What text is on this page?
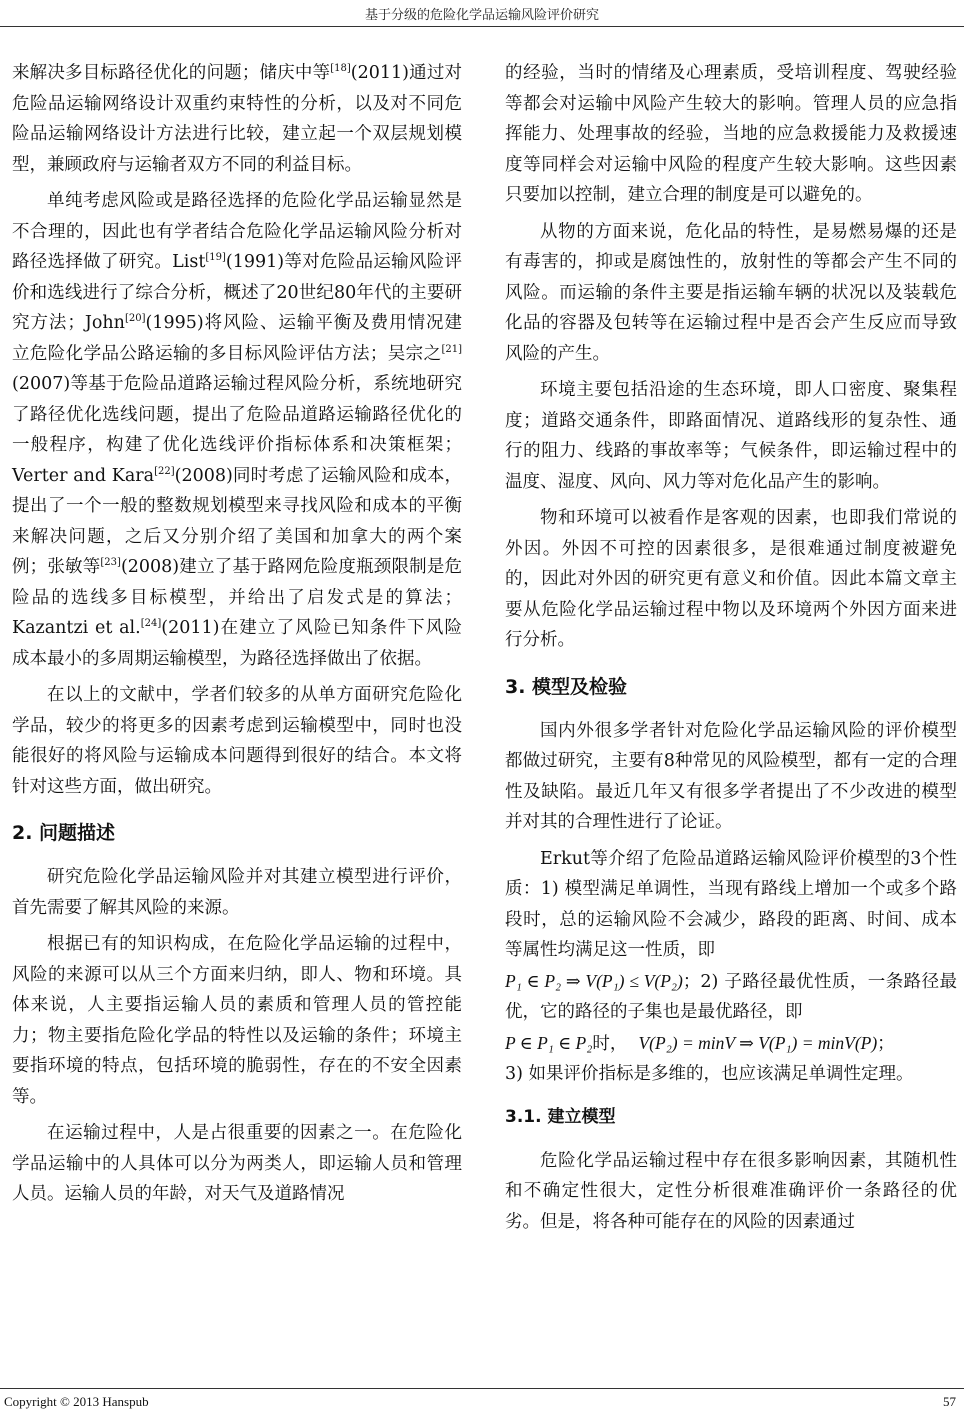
基于分级的危险化学品运输风险评价研究

来解决多目标路径优化的问题；储庆中等[18](2011)通过对危险品运输网络设计双重约束特性的分析，以及对不同危险品运输网络设计方法进行比较，建立起一个双层规划模型，兼顾政府与运输者双方不同的利益目标。

单纯考虑风险或是路径选择的危险化学品运输显然是不合理的，因此也有学者结合危险化学品运输风险分析对路径选择做了研究。List[19](1991)等对危险品运输风险评价和选线进行了综合分析，概述了20世纪80年代的主要研究方法；John[20](1995)将风险、运输平衡及费用情况建立危险化学品公路运输的多目标风险评估方法；吴宗之[21](2007)等基于危险品道路运输过程风险分析，系统地研究了路径优化选线问题，提出了危险品道路运输路径优化的一般程序，构建了优化选线评价指标体系和决策框架；Verter and Kara[22](2008)同时考虑了运输风险和成本，提出了一个一般的整数规划模型来寻找风险和成本的平衡来解决问题，之后又分别介绍了美国和加拿大的两个案例；张敏等[23](2008)建立了基于路网危险度瓶颈限制是危险品的选线多目标模型，并给出了启发式是的算法；Kazantzi et al.[24](2011)在建立了风险已知条件下风险成本最小的多周期运输模型，为路径选择做出了依据。

在以上的文献中，学者们较多的从单方面研究危险化学品，较少的将更多的因素考虑到运输模型中，同时也没能很好的将风险与运输成本问题得到很好的结合。本文将针对这些方面，做出研究。

2. 问题描述

研究危险化学品运输风险并对其建立模型进行评价，首先需要了解其风险的来源。

根据已有的知识构成，在危险化学品运输的过程中，风险的来源可以从三个方面来归纳，即人、物和环境。具体来说，人主要指运输人员的素质和管理人员的管控能力；物主要指危险化学品的特性以及运输的条件；环境主要指环境的特点，包括环境的脆弱性，存在的不安全因素等。

在运输过程中，人是占很重要的因素之一。在危险化学品运输中的人具体可以分为两类人，即运输人员和管理人员。运输人员的年龄，对天气及道路情况

的经验，当时的情绪及心理素质，受培训程度、驾驶经验等都会对运输中风险产生较大的影响。管理人员的应急指挥能力、处理事故的经验，当地的应急救援能力及救援速度等同样会对运输中风险的程度产生较大影响。这些因素只要加以控制，建立合理的制度是可以避免的。

从物的方面来说，危化品的特性，是易燃易爆的还是有毒害的，抑或是腐蚀性的，放射性的等都会产生不同的风险。而运输的条件主要是指运输车辆的状况以及装载危化品的容器及包转等在运输过程中是否会产生反应而导致风险的产生。

环境主要包括沿途的生态环境，即人口密度、聚集程度；道路交通条件，即路面情况、道路线形的复杂性、通行的阻力、线路的事故率等；气候条件，即运输过程中的温度、湿度、风向、风力等对危化品产生的影响。

物和环境可以被看作是客观的因素，也即我们常说的外因。外因不可控的因素很多，是很难通过制度被避免的，因此对外因的研究更有意义和价值。因此本篇文章主要从危险化学品运输过程中物以及环境两个外因方面来进行分析。

3. 模型及检验

国内外很多学者针对危险化学品运输风险的评价模型都做过研究，主要有8种常见的风险模型，都有一定的合理性及缺陷。最近几年又有很多学者提出了不少改进的模型并对其的合理性进行了论证。

Erkut等介绍了危险品道路运输风险评价模型的3个性质：1) 模型满足单调性，当现有路线上增加一个或多个路段时，总的运输风险不会减少，路段的距离、时间、成本等属性均满足这一性质，即
P₁ ∈ P₂ ⇒ V(P₁) ≤ V(P₂)；2) 子路径最优性质，一条路径最优，它的路径的子集也是最优路径，即
P ∈ P₁ ∈ P₂时， V(P₂) = minV ⇒ V(P₁) = minV(P)；
3) 如果评价指标是多维的，也应该满足单调性定理。

3.1. 建立模型

危险化学品运输过程中存在很多影响因素，其随机性和不确定性很大，定性分析很难准确评价一条路径的优劣。但是，将各种可能存在的风险的因素通过

Copyright © 2013 Hanspub	57
